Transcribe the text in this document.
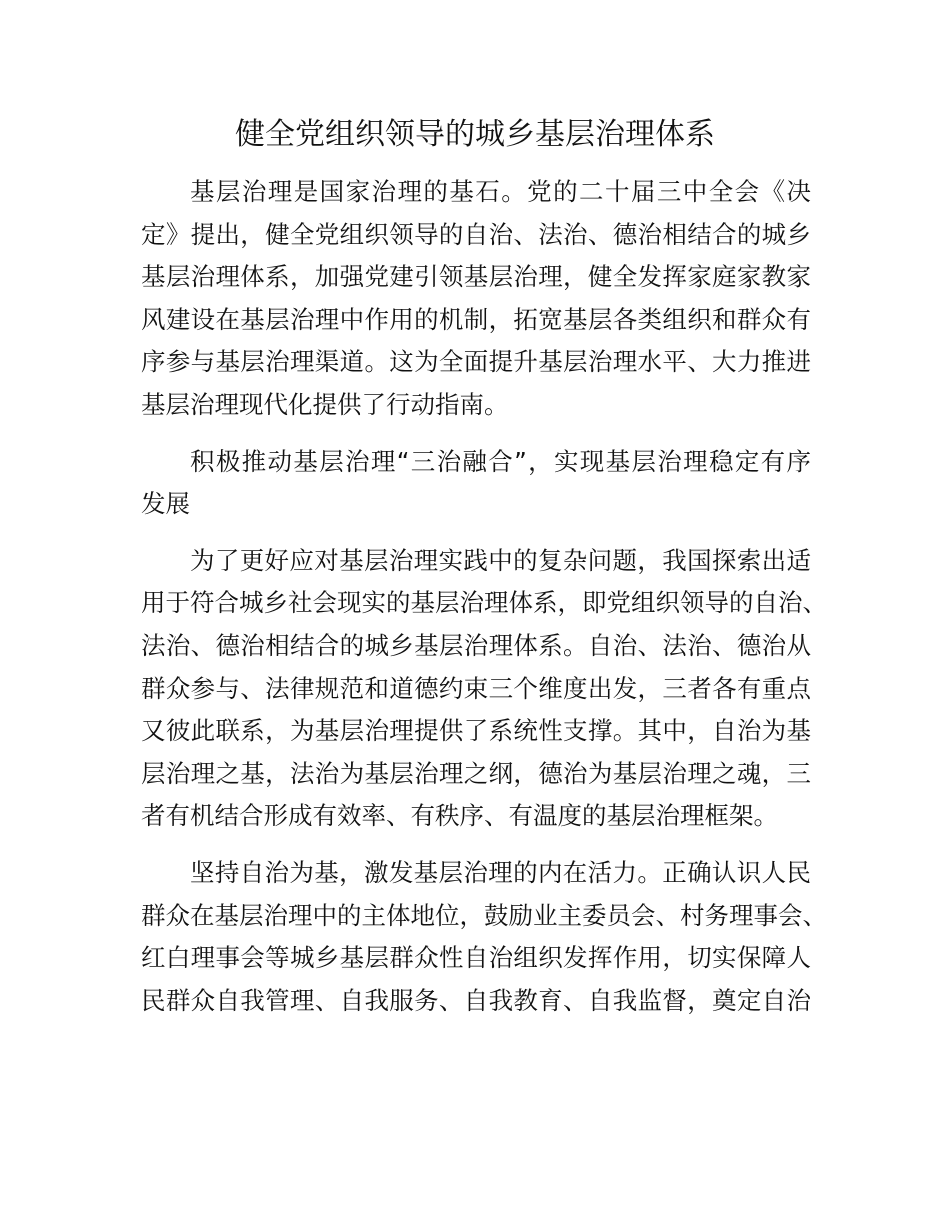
健全党组织领导的城乡基层治理体系
基层治理是国家治理的基石。党的二十届三中全会《决
定》提出，健全党组织领导的自治、法治、德治相结合的城乡
基层治理体系，加强党建引领基层治理，健全发挥家庭家教家
风建设在基层治理中作用的机制，拓宽基层各类组织和群众有
序参与基层治理渠道。这为全面提升基层治理水平、大力推进
基层治理现代化提供了行动指南。
积极推动基层治理“三治融合”，实现基层治理稳定有序
发展
为了更好应对基层治理实践中的复杂问题，我国探索出适
用于符合城乡社会现实的基层治理体系，即党组织领导的自治、
法治、德治相结合的城乡基层治理体系。自治、法治、德治从
群众参与、法律规范和道德约束三个维度出发，三者各有重点
又彼此联系，为基层治理提供了系统性支撑。其中，自治为基
层治理之基，法治为基层治理之纲，德治为基层治理之魂，三
者有机结合形成有效率、有秩序、有温度的基层治理框架。
坚持自治为基，激发基层治理的内在活力。正确认识人民
群众在基层治理中的主体地位，鼓励业主委员会、村务理事会、
红白理事会等城乡基层群众性自治组织发挥作用，切实保障人
民群众自我管理、自我服务、自我教育、自我监督，奠定自治
